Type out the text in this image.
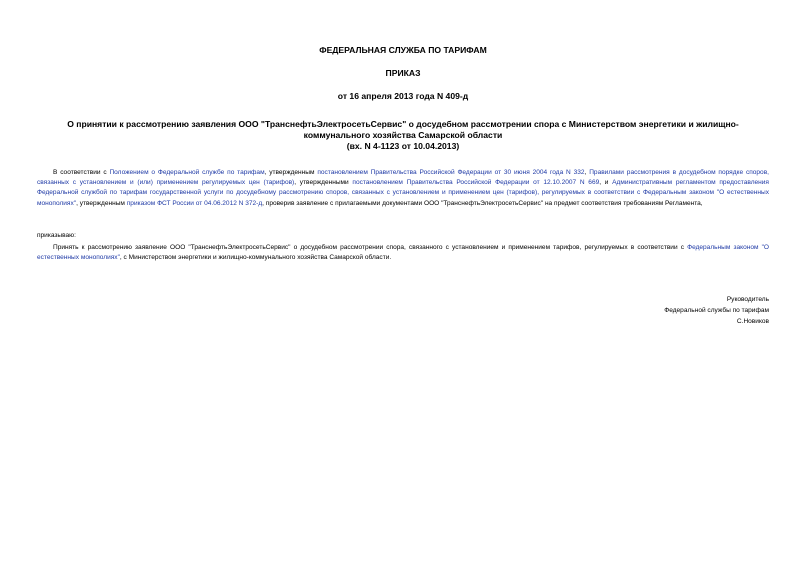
ФЕДЕРАЛЬНАЯ СЛУЖБА ПО ТАРИФАМ

ПРИКАЗ

от 16 апреля 2013 года N 409-д

О принятии к рассмотрению заявления ООО "ТранснефтьЭлектросетьСервис" о досудебном рассмотрении спора с Министерством энергетики и жилищно-
коммунального хозяйства Самарской области
(вх. N 4-1123 от 10.04.2013)

В соответствии с Положением о Федеральной службе по тарифам, утвержденным постановлением Правительства Российской Федерации от 30 июня 2004 года N 332, Правилами рассмотрения в досудебном порядке споров, связанных с установлением и (или) применением регулируемых цен (тарифов), утвержденными постановлением Правительства Российской Федерации от 12.10.2007 N 669, и Административным регламентом предоставления Федеральной службой по тарифам государственной услуги по досудебному рассмотрению споров, связанных с установлением и применением цен (тарифов), регулируемых в соответствии с Федеральным законом "О естественных монополиях", утвержденным приказом ФСТ России от 04.06.2012 N 372-д, проверив заявление с прилагаемыми документами ООО "ТранснефтьЭлектросетьСервис" на предмет соответствия требованиям Регламента,

приказываю:

Принять к рассмотрению заявление ООО "ТранснефтьЭлектросетьСервис" о досудебном рассмотрении спора, связанного с установлением и применением тарифов, регулируемых в соответствии с Федеральным законом "О естественных монополиях", с Министерством энергетики и жилищно-коммунального хозяйства Самарской области.

Руководитель
Федеральной службы по тарифам
С.Новиков
